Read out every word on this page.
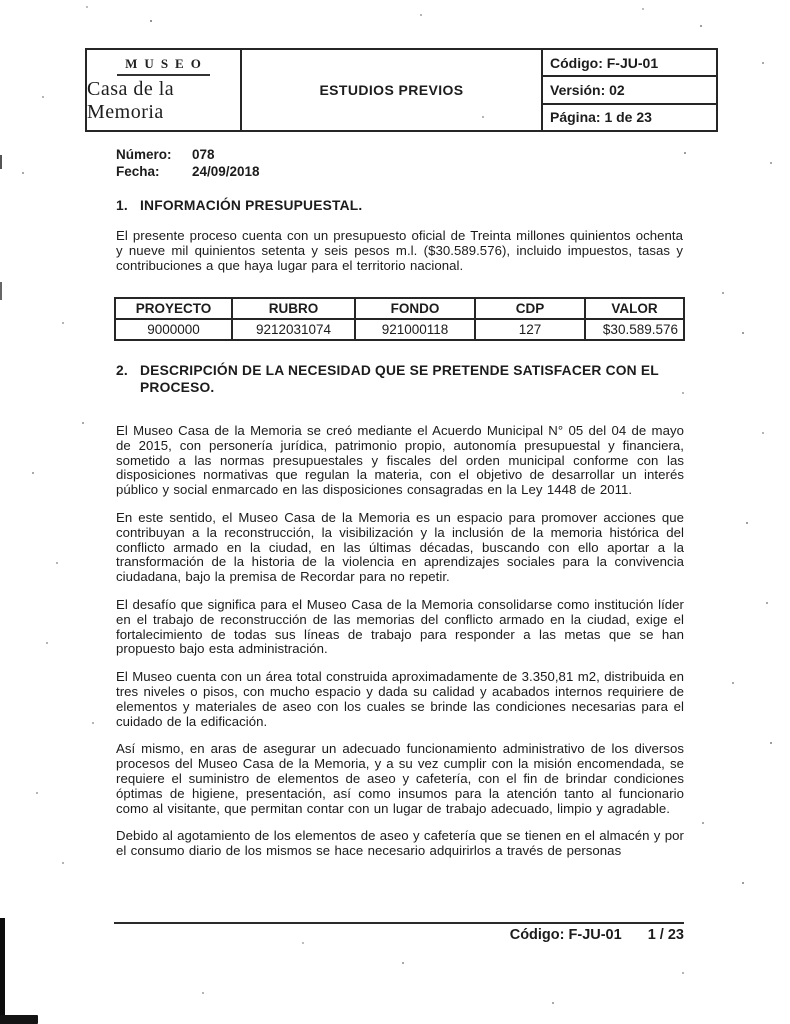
MUSEO
Casa de la Memoria
ESTUDIOS PREVIOS
Código: F-JU-01
Versión: 02
Página: 1 de 23
Número:	078
Fecha:	24/09/2018
1. INFORMACIÓN PRESUPUESTAL.

El presente proceso cuenta con un presupuesto oficial de Treinta millones quinientos ochenta y nueve mil quinientos setenta y seis pesos m.l. ($30.589.576), incluido impuestos, tasas y contribuciones a que haya lugar para el territorio nacional.

PROYECTO	RUBRO	FONDO	CDP	VALOR
9000000	9212031074	921000118	127	$30.589.576
2. DESCRIPCIÓN DE LA NECESIDAD QUE SE PRETENDE SATISFACER CON EL PROCESO.

El Museo Casa de la Memoria se creó mediante el Acuerdo Municipal N° 05 del 04 de mayo de 2015, con personería jurídica, patrimonio propio, autonomía presupuestal y financiera, sometido a las normas presupuestales y fiscales del orden municipal conforme con las disposiciones normativas que regulan la materia, con el objetivo de desarrollar un interés público y social enmarcado en las disposiciones consagradas en la Ley 1448 de 2011.

En este sentido, el Museo Casa de la Memoria es un espacio para promover acciones que contribuyan a la reconstrucción, la visibilización y la inclusión de la memoria histórica del conflicto armado en la ciudad, en las últimas décadas, buscando con ello aportar a la transformación de la historia de la violencia en aprendizajes sociales para la convivencia ciudadana, bajo la premisa de Recordar para no repetir.

El desafío que significa para el Museo Casa de la Memoria consolidarse como institución líder en el trabajo de reconstrucción de las memorias del conflicto armado en la ciudad, exige el fortalecimiento de todas sus líneas de trabajo para responder a las metas que se han propuesto bajo esta administración.

El Museo cuenta con un área total construida aproximadamente de 3.350,81 m2, distribuida en tres niveles o pisos, con mucho espacio y dada su calidad y acabados internos requiriere de elementos y materiales de aseo con los cuales se brinde las condiciones necesarias para el cuidado de la edificación.

Así mismo, en aras de asegurar un adecuado funcionamiento administrativo de los diversos procesos del Museo Casa de la Memoria, y a su vez cumplir con la misión encomendada, se requiere el suministro de elementos de aseo y cafetería, con el fin de brindar condiciones óptimas de higiene, presentación, así como insumos para la atención tanto al funcionario como al visitante, que permitan contar con un lugar de trabajo adecuado, limpio y agradable.

Debido al agotamiento de los elementos de aseo y cafetería que se tienen en el almacén y por el consumo diario de los mismos se hace necesario adquirirlos a través de personas

Código: F-JU-01 1 / 23
